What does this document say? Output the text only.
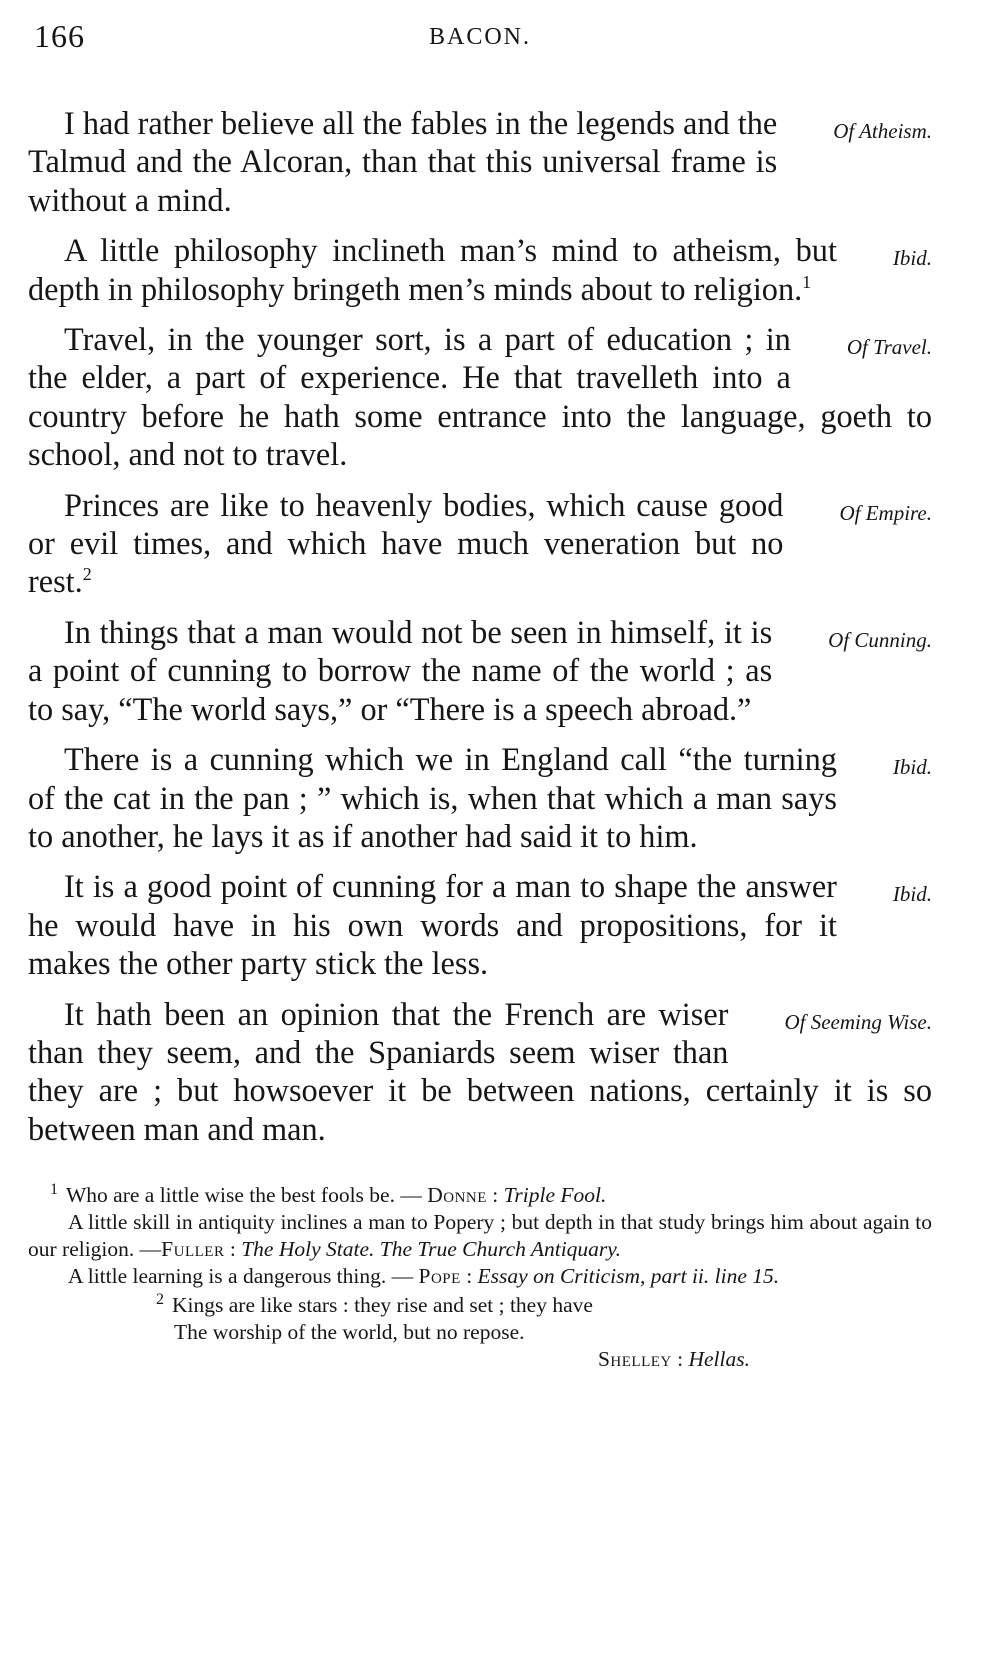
166	BACON.

Of Atheism.
I had rather believe all the fables in the legends and the Talmud and the Alcoran, than that this universal frame is without a mind.

Ibid.
A little philosophy inclineth man’s mind to atheism, but depth in philosophy bringeth men’s minds about to religion.$^1$

Of Travel.
Travel, in the younger sort, is a part of education ; in the elder, a part of experience. He that travelleth into a country before he hath some entrance into the language, goeth to school, and not to travel.

Of Empire.
Princes are like to heavenly bodies, which cause good or evil times, and which have much veneration but no rest.$^2$

Of Cunning.
In things that a man would not be seen in himself, it is a point of cunning to borrow the name of the world ; as to say, “The world says,” or “There is a speech abroad.”

Ibid.
There is a cunning which we in England call “the turning of the cat in the pan ; ” which is, when that which a man says to another, he lays it as if another had said it to him.

Ibid.
It is a good point of cunning for a man to shape the answer he would have in his own words and propositions, for it makes the other party stick the less.

Of Seeming Wise.
It hath been an opinion that the French are wiser than they seem, and the Spaniards seem wiser than they are ; but howsoever it be between nations, certainly it is so between man and man.

$^1$ Who are a little wise the best fools be. — Donne : Triple Fool.

A little skill in antiquity inclines a man to Popery ; but depth in that study brings him about again to our religion. —Fuller : The Holy State. The True Church Antiquary.

A little learning is a dangerous thing. — Pope : Essay on Criticism, part ii. line 15.

$^2$ Kings are like stars : they rise and set ; they have
The worship of the world, but no repose.
Shelley : Hellas.
